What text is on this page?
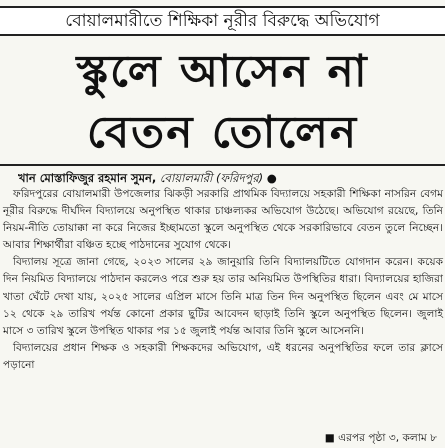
বোয়ালমারীতে শিক্ষিকা নূরীর বিরুদ্ধে অভিযোগ
স্কুলে আসেন না
বেতন তোলেন
খান মোস্তাফিজুর রহমান সুমন, বোয়ালমারী (ফরিদপুর) ●

ফরিদপুরের বোয়ালমারী উপজেলার ঝিকড়ী সরকারি প্রাথমিক বিদ্যালয়ে সহকারী শিক্ষিকা নাসরিন বেগম নূরীর বিরুদ্ধে দীর্ঘদিন বিদ্যালয়ে অনুপস্থিত থাকার চাঞ্চল্যকর অভিযোগ উঠেছে। অভিযোগ রয়েছে, তিনি নিয়ম-নীতি তোয়াক্কা না করে নিজের ইচ্ছামতো স্কুলে অনুপস্থিত থেকে সরকারিভাবে বেতন তুলে নিচ্ছেন। আবার শিক্ষার্থীরা বঞ্চিত হচ্ছে পাঠদানের সুযোগ থেকে।

বিদ্যালয় সূত্রে জানা গেছে, ২০২৩ সালের ২৯ জানুয়ারি তিনি বিদ্যালয়টিতে যোগদান করেন। কয়েক দিন নিয়মিত বিদ্যালয়ে পাঠদান করলেও পরে শুরু হয় তার অনিয়মিত উপস্থিতির ধারা। বিদ্যালয়ের হাজিরা খাতা ঘেঁটে দেখা যায়, ২০২৫ সালের এপ্রিল মাসে তিনি মাত্র তিন দিন অনুপস্থিত ছিলেন এবং মে মাসে ১২ থেকে ২৯ তারিখ পর্যন্ত কোনো প্রকার ছুটির আবেদন ছাড়াই তিনি স্কুলে অনুপস্থিত ছিলেন। জুলাই মাসে ৩ তারিখ স্কুলে উপস্থিত থাকার পর ১৫ জুলাই পর্যন্ত আবার তিনি স্কুলে আসেননি।

বিদ্যালয়ের প্রধান শিক্ষক ও সহকারী শিক্ষকদের অভিযোগ, এই ধরনের অনুপস্থিতির ফলে তার ক্লাসে পড়ানো

■ এরপর পৃষ্ঠা ৩, কলাম ৮
